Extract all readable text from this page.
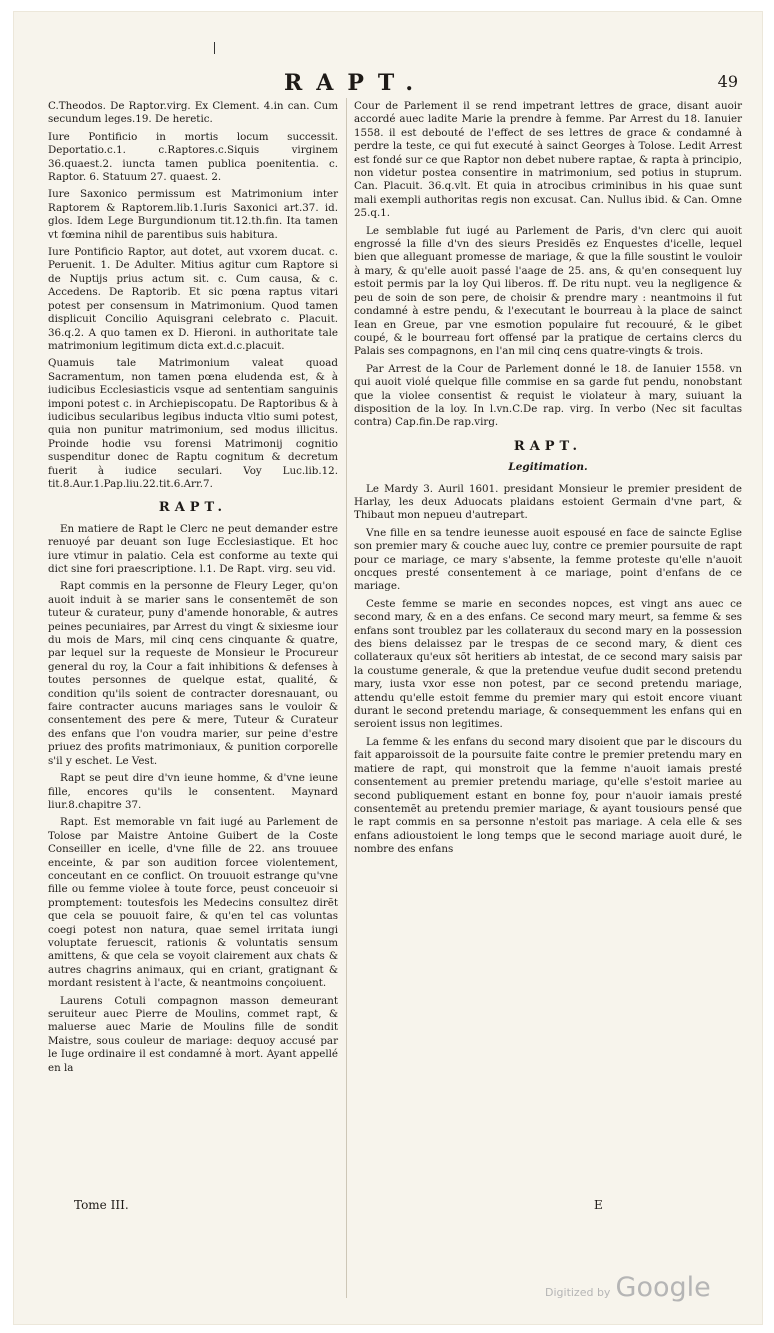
RAPT.	49

C.Theodos. De Raptor.virg. Ex Clement. 4.in can. Cum secundum leges.19. De heretic.

Iure Pontificio in mortis locum successit. Deportatio.c.1. c.Raptores.c.Siquis virginem 36.quaest.2. iuncta tamen publica poenitentia. c. Raptor. 6. Statuum 27. quaest. 2.

Iure Saxonico permissum est Matrimonium inter Raptorem & Raptorem.lib.1.Iuris Saxonici art.37. id. glos. Idem Lege Burgundionum tit.12.th.fin. Ita tamen vt fœmina nihil de parentibus suis habitura.

Iure Pontificio Raptor, aut dotet, aut vxorem ducat. c. Peruenit. 1. De Adulter. Mitius agitur cum Raptore si de Nuptijs prius actum sit. c. Cum causa, & c. Accedens. De Raptorib. Et sic pœna raptus vitari potest per consensum in Matrimonium. Quod tamen displicuit Concilio Aquisgrani celebrato c. Placuit. 36.q.2. A quo tamen ex D. Hieroni. in authoritate tale matrimonium legitimum dicta ext.d.c.placuit.

Quamuis tale Matrimonium valeat quoad Sacramentum, non tamen pœna eludenda est, & à iudicibus Ecclesiasticis vsque ad sententiam sanguinis imponi potest c. in Archiepiscopatu. De Raptoribus & à iudicibus secularibus legibus inducta vltio sumi potest, quia non punitur matrimonium, sed modus illicitus. Proinde hodie vsu forensi Matrimonij cognitio suspenditur donec de Raptu cognitum & decretum fuerit à iudice seculari. Voy Luc.lib.12. tit.8.Aur.1.Pap.liu.22.tit.6.Arr.7.

RAPT.

En matiere de Rapt le Clerc ne peut demander estre renuoyé par deuant son Iuge Ecclesiastique. Et hoc iure vtimur in palatio. Cela est conforme au texte qui dict sine fori praescriptione. l.1. De Rapt. virg. seu vid.

Rapt commis en la personne de Fleury Leger, qu'on auoit induit à se marier sans le consentemẽt de son tuteur & curateur, puny d'amende honorable, & autres peines pecuniaires, par Arrest du vingt & sixiesme iour du mois de Mars, mil cinq cens cinquante & quatre, par lequel sur la requeste de Monsieur le Procureur general du roy, la Cour a fait inhibitions & defenses à toutes personnes de quelque estat, qualité, & condition qu'ils soient de contracter doresnauant, ou faire contracter aucuns mariages sans le vouloir & consentement des pere & mere, Tuteur & Curateur des enfans que l'on voudra marier, sur peine d'estre priuez des profits matrimoniaux, & punition corporelle s'il y eschet. Le Vest.

Rapt se peut dire d'vn ieune homme, & d'vne ieune fille, encores qu'ils le consentent. Maynard liur.8.chapitre 37.

Rapt. Est memorable vn fait iugé au Parlement de Tolose par Maistre Antoine Guibert de la Coste Conseiller en icelle, d'vne fille de 22. ans trouuee enceinte, & par son audition forcee violentement, conceutant en ce conflict. On trouuoit estrange qu'vne fille ou femme violee à toute force, peust conceuoir si promptement: toutesfois les Medecins consultez dirẽt que cela se pouuoit faire, & qu'en tel cas voluntas coegi potest non natura, quae semel irritata iungi voluptate feruescit, rationis & voluntatis sensum amittens, & que cela se voyoit clairement aux chats & autres chagrins animaux, qui en criant, gratignant & mordant resistent à l'acte, & neantmoins conçoiuent.

Laurens Cotuli compagnon masson demeurant seruiteur auec Pierre de Moulins, commet rapt, & maluerse auec Marie de Moulins fille de sondit Maistre, sous couleur de mariage: dequoy accusé par le Iuge ordinaire il est condamné à mort. Ayant appellé en la

Cour de Parlement il se rend impetrant lettres de grace, disant auoir accordé auec ladite Marie la prendre à femme. Par Arrest du 18. Ianuier 1558. il est debouté de l'effect de ses lettres de grace & condamné à perdre la teste, ce qui fut executé à sainct Georges à Tolose. Ledit Arrest est fondé sur ce que Raptor non debet nubere raptae, & rapta à principio, non videtur postea consentire in matrimonium, sed potius in stuprum. Can. Placuit. 36.q.vlt. Et quia in atrocibus criminibus in his quae sunt mali exempli authoritas regis non excusat. Can. Nullus ibid. & Can. Omne 25.q.1.

Le semblable fut iugé au Parlement de Paris, d'vn clerc qui auoit engrossé la fille d'vn des sieurs Presidẽs ez Enquestes d'icelle, lequel bien que alleguant promesse de mariage, & que la fille soustint le vouloir à mary, & qu'elle auoit passé l'aage de 25. ans, & qu'en consequent luy estoit permis par la loy Qui liberos. ff. De ritu nupt. veu la negligence & peu de soin de son pere, de choisir & prendre mary : neantmoins il fut condamné à estre pendu, & l'executant le bourreau à la place de sainct Iean en Greue, par vne esmotion populaire fut recouuré, & le gibet coupé, & le bourreau fort offensé par la pratique de certains clercs du Palais ses compagnons, en l'an mil cinq cens quatre-vingts & trois.

Par Arrest de la Cour de Parlement donné le 18. de Ianuier 1558. vn qui auoit violé quelque fille commise en sa garde fut pendu, nonobstant que la violee consentist & requist le violateur à mary, suiuant la disposition de la loy. In l.vn.C.De rap. virg. In verbo (Nec sit facultas contra) Cap.fin.De rap.virg.

RAPT.
Legitimation.

Le Mardy 3. Auril 1601. presidant Monsieur le premier president de Harlay, les deux Aduocats plaidans estoient Germain d'vne part, & Thibaut mon nepueu d'autrepart.

Vne fille en sa tendre ieunesse auoit espousé en face de saincte Eglise son premier mary & couche auec luy, contre ce premier poursuite de rapt pour ce mariage, ce mary s'absente, la femme proteste qu'elle n'auoit oncques presté consentement à ce mariage, point d'enfans de ce mariage.

Ceste femme se marie en secondes nopces, est vingt ans auec ce second mary, & en a des enfans. Ce second mary meurt, sa femme & ses enfans sont troublez par les collateraux du second mary en la possession des biens delaissez par le trespas de ce second mary, & dient ces collateraux qu'eux sõt heritiers ab intestat, de ce second mary saisis par la coustume generale, & que la pretendue veufue dudit second pretendu mary, iusta vxor esse non potest, par ce second pretendu mariage, attendu qu'elle estoit femme du premier mary qui estoit encore viuant durant le second pretendu mariage, & consequemment les enfans qui en seroient issus non legitimes.

La femme & les enfans du second mary disoient que par le discours du fait apparoissoit de la poursuite faite contre le premier pretendu mary en matiere de rapt, qui monstroit que la femme n'auoit iamais presté consentement au premier pretendu mariage, qu'elle s'estoit mariee au second publiquement estant en bonne foy, pour n'auoir iamais presté consentemẽt au pretendu premier mariage, & ayant tousiours pensé que le rapt commis en sa personne n'estoit pas mariage. A cela elle & ses enfans adioustoient le long temps que le second mariage auoit duré, le nombre des enfans

Tome III.	E
Digitized by Google
